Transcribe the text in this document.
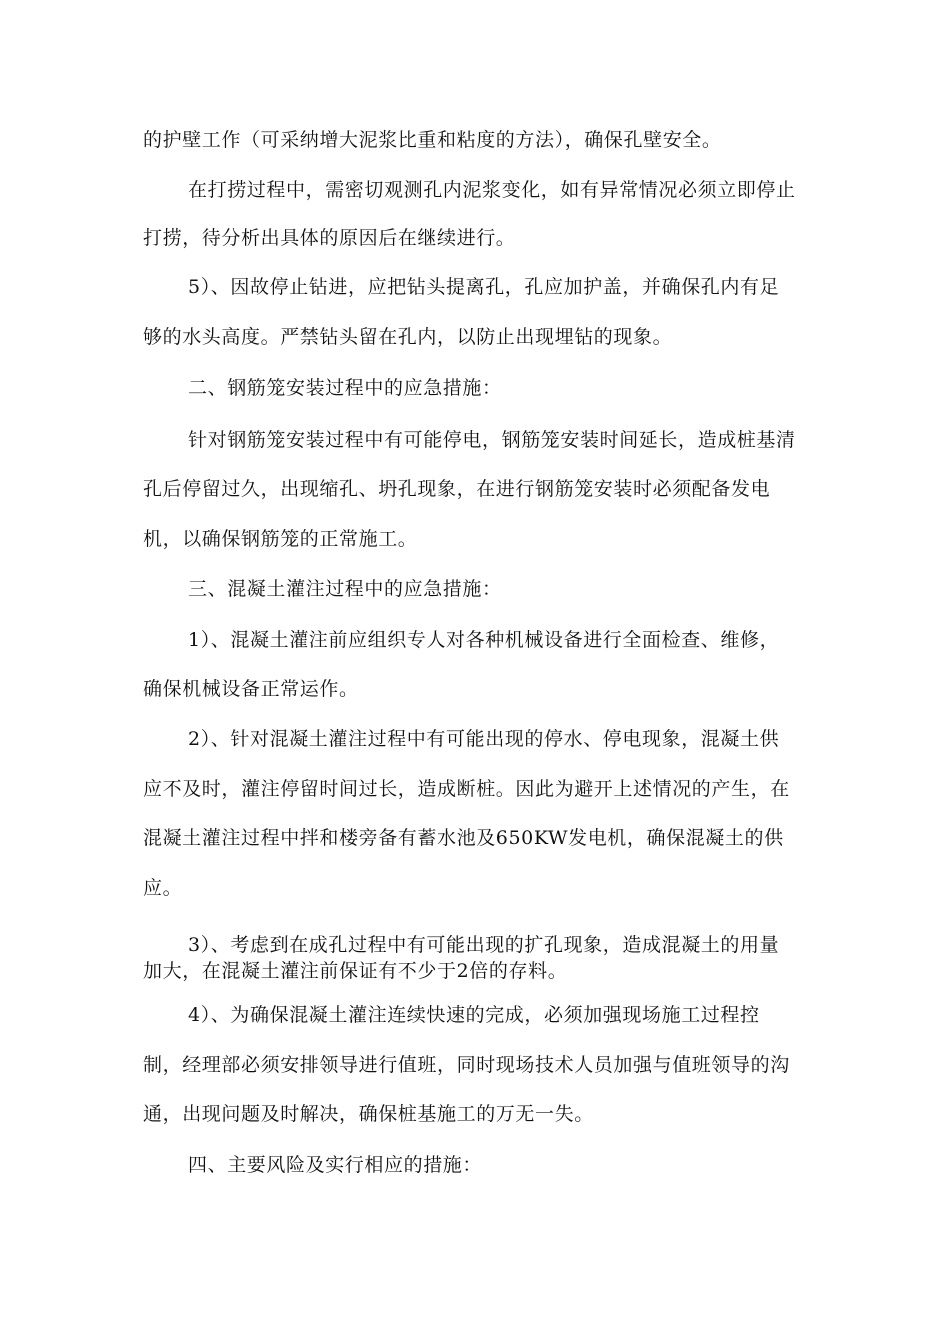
的护壁工作（可采纳增大泥浆比重和粘度的方法），确保孔壁安全。
在打捞过程中，需密切观测孔内泥浆变化，如有异常情况必须立即停止
打捞，待分析出具体的原因后在继续进行。
5）、因故停止钻进，应把钻头提离孔，孔应加护盖，并确保孔内有足
够的水头高度。严禁钻头留在孔内，以防止出现埋钻的现象。
二、钢筋笼安装过程中的应急措施：
针对钢筋笼安装过程中有可能停电，钢筋笼安装时间延长，造成桩基清
孔后停留过久，出现缩孔、坍孔现象，在进行钢筋笼安装时必须配备发电
机，以确保钢筋笼的正常施工。
三、混凝土灌注过程中的应急措施：
1）、混凝土灌注前应组织专人对各种机械设备进行全面检查、维修，
确保机械设备正常运作。
2）、针对混凝土灌注过程中有可能出现的停水、停电现象，混凝土供
应不及时，灌注停留时间过长，造成断桩。因此为避开上述情况的产生，在
混凝土灌注过程中拌和楼旁备有蓄水池及650KW发电机，确保混凝土的供
应。
3）、考虑到在成孔过程中有可能出现的扩孔现象，造成混凝土的用量
加大，在混凝土灌注前保证有不少于2倍的存料。
4）、为确保混凝土灌注连续快速的完成，必须加强现场施工过程控
制，经理部必须安排领导进行值班，同时现场技术人员加强与值班领导的沟
通，出现问题及时解决，确保桩基施工的万无一失。
四、主要风险及实行相应的措施：
